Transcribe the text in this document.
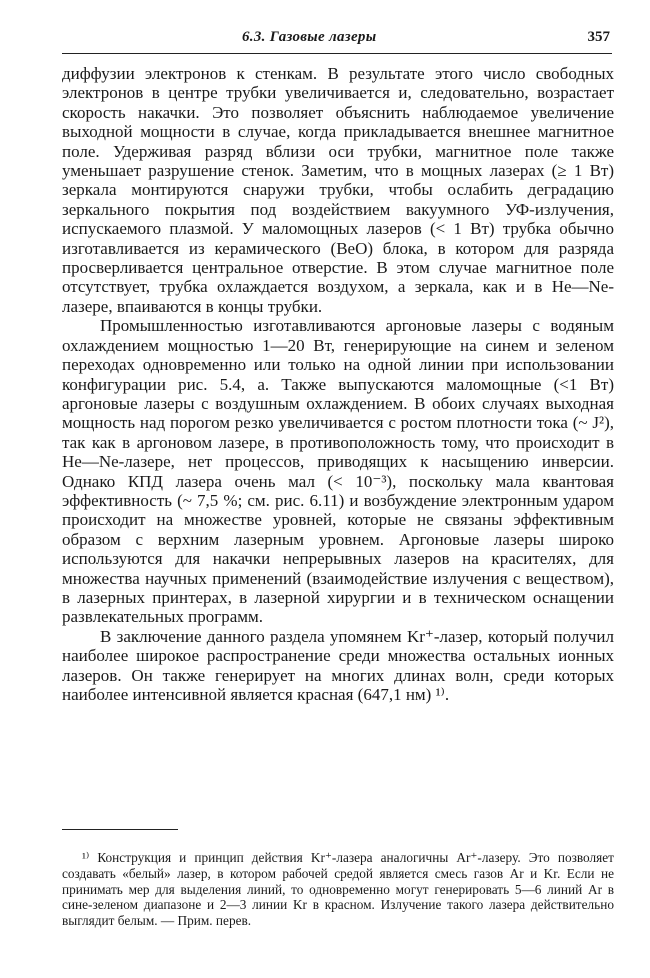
6.3. Газовые лазеры	357

диффузии электронов к стенкам. В результате этого число свободных электронов в центре трубки увеличивается и, следовательно, возрастает скорость накачки. Это позволяет объяснить наблюдаемое увеличение выходной мощности в случае, когда прикладывается внешнее магнитное поле. Удерживая разряд вблизи оси трубки, магнитное поле также уменьшает разрушение стенок. Заметим, что в мощных лазерах (≥ 1 Вт) зеркала монтируются снаружи трубки, чтобы ослабить деградацию зеркального покрытия под воздействием вакуумного УФ-излучения, испускаемого плазмой. У маломощных лазеров (< 1 Вт) трубка обычно изготавливается из керамического (BeO) блока, в котором для разряда просверливается центральное отверстие. В этом случае магнитное поле отсутствует, трубка охлаждается воздухом, а зеркала, как и в He—Ne-лазере, впаиваются в концы трубки.

Промышленностью изготавливаются аргоновые лазеры с водяным охлаждением мощностью 1—20 Вт, генерирующие на синем и зеленом переходах одновременно или только на одной линии при использовании конфигурации рис. 5.4, а. Также выпускаются маломощные (<1 Вт) аргоновые лазеры с воздушным охлаждением. В обоих случаях выходная мощность над порогом резко увеличивается с ростом плотности тока (~ J²), так как в аргоновом лазере, в противоположность тому, что происходит в He—Ne-лазере, нет процессов, приводящих к насыщению инверсии. Однако КПД лазера очень мал (< 10⁻³), поскольку мала квантовая эффективность (~ 7,5 %; см. рис. 6.11) и возбуждение электронным ударом происходит на множестве уровней, которые не связаны эффективным образом с верхним лазерным уровнем. Аргоновые лазеры широко используются для накачки непрерывных лазеров на красителях, для множества научных применений (взаимодействие излучения с веществом), в лазерных принтерах, в лазерной хирургии и в техническом оснащении развлекательных программ.

В заключение данного раздела упомянем Kr⁺-лазер, который получил наиболее широкое распространение среди множества остальных ионных лазеров. Он также генерирует на многих длинах волн, среди которых наиболее интенсивной является красная (647,1 нм) ¹⁾.

¹⁾ Конструкция и принцип действия Kr⁺-лазера аналогичны Ar⁺-лазеру. Это позволяет создавать «белый» лазер, в котором рабочей средой является смесь газов Ar и Kr. Если не принимать мер для выделения линий, то одновременно могут генерировать 5—6 линий Ar в сине-зеленом диапазоне и 2—3 линии Kr в красном. Излучение такого лазера действительно выглядит белым. — Прим. перев.
